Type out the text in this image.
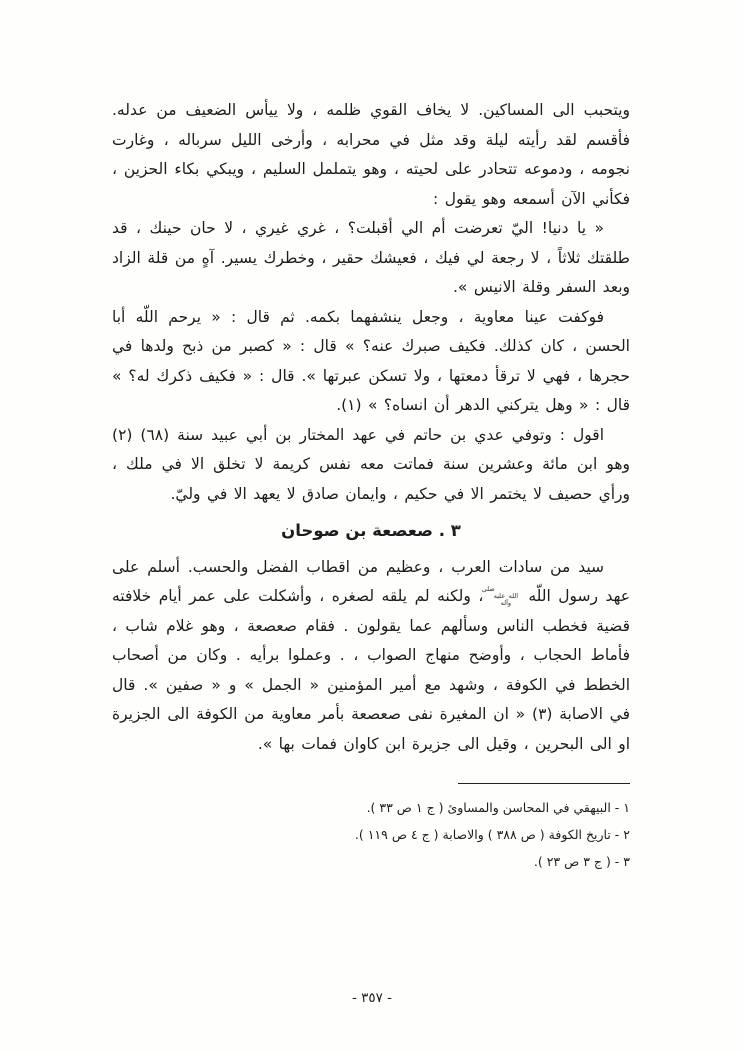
ويتحبب الى المساكين. لا يخاف القوي ظلمه ، ولا ييأس الضعيف من عدله. فأقسم لقد رأيته ليلة وقد مثل في محرابه ، وأرخى الليل سرباله ، وغارت نجومه ، ودموعه تتحادر على لحيته ، وهو يتململ السليم ، ويبكي بكاء الحزين ، فكأني الآن أسمعه وهو يقول :

« يا دنيا! اليّ تعرضت أم الي أقبلت؟ ، غري غيري ، لا حان حينك ، قد طلقتك ثلاثاً ، لا رجعة لي فيك ، فعيشك حقير ، وخطرك يسير. آهٍ من قلة الزاد وبعد السفر وقلة الانيس ».

فوكفت عينا معاوية ، وجعل ينشفهما بكمه. ثم قال : « يرحم اللّه أبا الحسن ، كان كذلك. فكيف صبرك عنه؟ » قال : « كصبر من ذبح ولدها في حجرها ، فهي لا ترقأ دمعتها ، ولا تسكن عبرتها ». قال : « فكيف ذكرك له؟ » قال : « وهل يتركني الدهر أن انساه؟ » (١).

اقول : وتوفي عدي بن حاتم في عهد المختار بن أبي عبيد سنة (٦٨) (٢) وهو ابن مائة وعشرين سنة فماتت معه نفس كريمة لا تخلق الا في ملك ، ورأي حصيف لا يختمر الا في حكيم ، وايمان صادق لا يعهد الا في وليّ.

٣ . صعصعة بن صوحان

سيد من سادات العرب ، وعظيم من اقطاب الفضل والحسب. أسلم على عهد رسول اللّه صلى الله عليه وآله ، ولكنه لم يلقه لصغره ، وأشكلت على عمر أيام خلافته قضية فخطب الناس وسألهم عما يقولون . فقام صعصعة ، وهو غلام شاب ، فأماط الحجاب ، وأوضح منهاج الصواب ، . وعملوا برأيه . وكان من أصحاب الخطط في الكوفة ، وشهد مع أمير المؤمنين « الجمل » و « صفين ». قال في الاصابة (٣) « ان المغيرة نفى صعصعة بأمر معاوية من الكوفة الى الجزيرة او الى البحرين ، وقيل الى جزيرة ابن كاوان فمات بها ».

١ - البيهقي في المحاسن والمساوئ ( ج ١ ص ٣٣ ).
٢ - تاريخ الكوفة ( ص ٣٨٨ ) والاصابة ( ج ٤ ص ١١٩ ).
٣ - ( ج ٣ ص ٢٣ ).
- ٣٥٧ -
